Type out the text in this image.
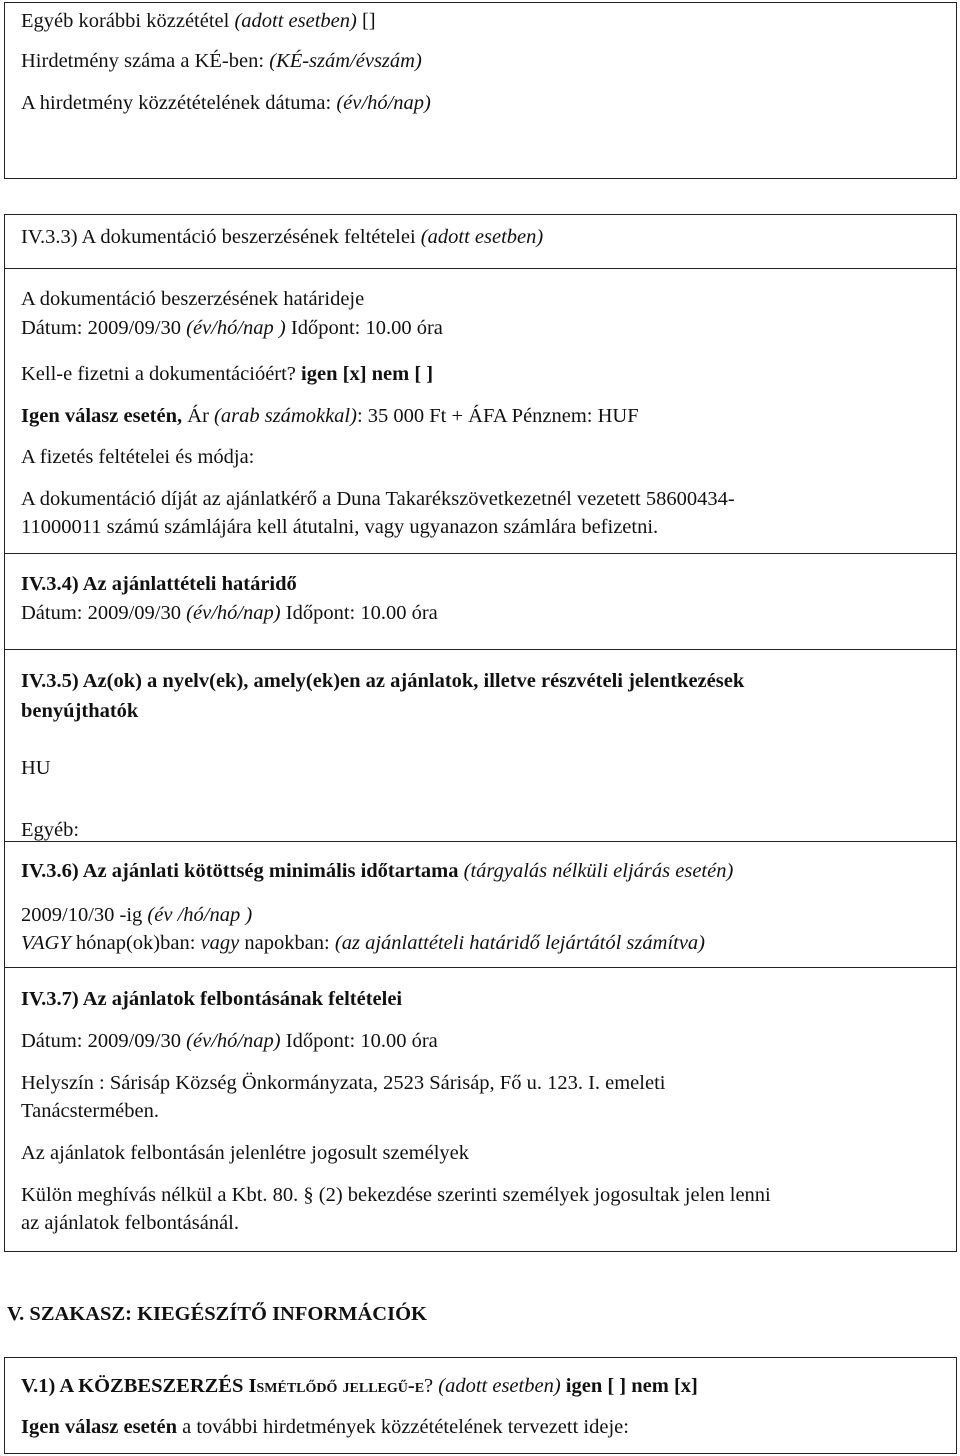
Egyéb korábbi közzététel (adott esetben) []
Hirdetmény száma a KÉ-ben: (KÉ-szám/évszám)
A hirdetmény közzétételének dátuma: (év/hó/nap)
IV.3.3) A dokumentáció beszerzésének feltételei (adott esetben)
A dokumentáció beszerzésének határideje
Dátum: 2009/09/30 (év/hó/nap ) Időpont: 10.00 óra
Kell-e fizetni a dokumentációért? igen [x] nem [ ]
Igen válasz esetén, Ár (arab számokkal): 35 000 Ft + ÁFA Pénznem: HUF
A fizetés feltételei és módja:
A dokumentáció díját az ajánlatkérő a Duna Takarékszövetkezetnél vezetett 58600434-
11000011 számú számlájára kell átutalni, vagy ugyanazon számlára befizetni.
IV.3.4) Az ajánlattételi határidő
Dátum: 2009/09/30 (év/hó/nap) Időpont: 10.00 óra
IV.3.5) Az(ok) a nyelv(ek), amely(ek)en az ajánlatok, illetve részvételi jelentkezések
benyújthatók
HU
Egyéb:
IV.3.6) Az ajánlati kötöttség minimális időtartama (tárgyalás nélküli eljárás esetén)
2009/10/30 -ig (év /hó/nap )
VAGY hónap(ok)ban: vagy napokban: (az ajánlattételi határidő lejártától számítva)
IV.3.7) Az ajánlatok felbontásának feltételei
Dátum: 2009/09/30 (év/hó/nap) Időpont: 10.00 óra
Helyszín : Sárisáp Község Önkormányzata, 2523 Sárisáp, Fő u. 123. I. emeleti
Tanácstermében.
Az ajánlatok felbontásán jelenlétre jogosult személyek
Külön meghívás nélkül a Kbt. 80. § (2) bekezdése szerinti személyek jogosultak jelen lenni
az ajánlatok felbontásánál.
V. SZAKASZ: KIEGÉSZÍTŐ INFORMÁCIÓK
V.1) A KÖZBESZERZÉS Ismétlődő jellegű-e? (adott esetben) igen [ ] nem [x]
Igen válasz esetén a további hirdetmények közzétételének tervezett ideje:
